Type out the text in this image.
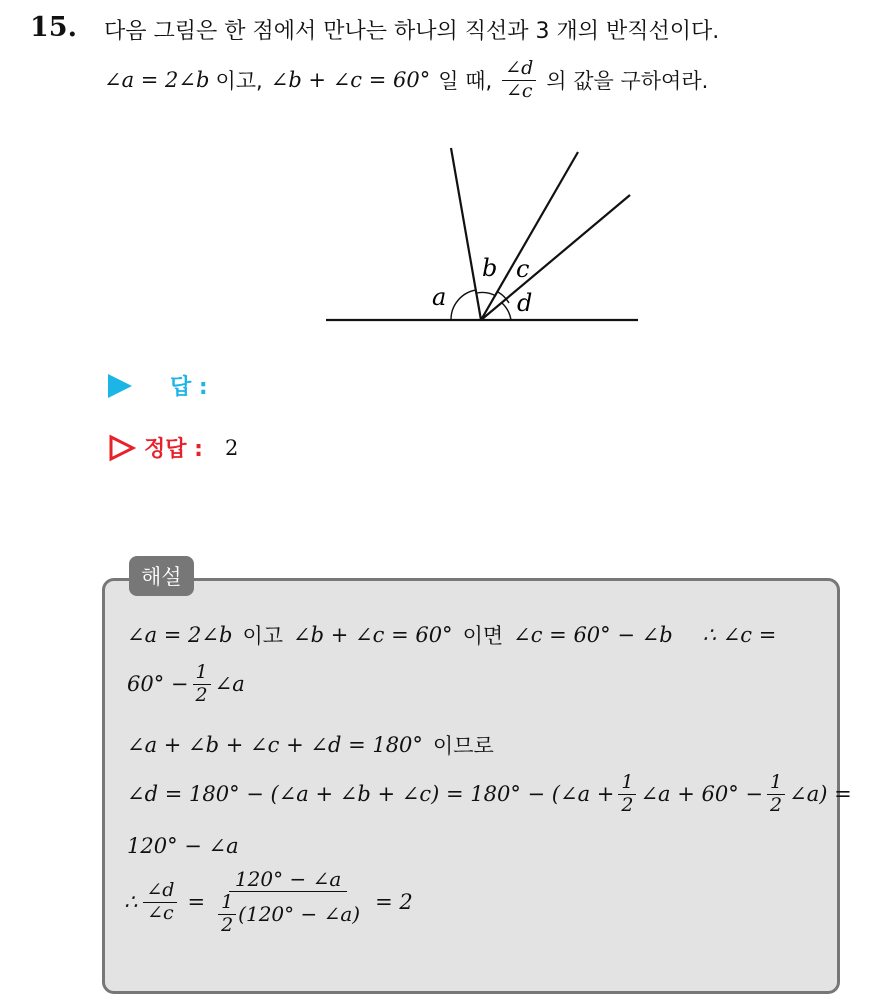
15. 다음 그림은 한 점에서 만나는 하나의 직선과 3 개의 반직선이다.
∠a = 2∠b 이고, ∠b + ∠c = 60° 일 때, $\frac{\angle d}{\angle c}$ 의 값을 구하여라.
a
b c
d
답 :
정답 : 2
해설
∠a = 2∠b 이고 ∠b + ∠c = 60° 이면 ∠c = 60° − ∠b ∴ ∠c =
$60^\circ - \frac{1}{2}$ ∠a
∠a + ∠b + ∠c + ∠d = 180° 이므로
∠d = 180° − (∠a + ∠b + ∠c) = 180° − (∠a + $\frac{1}{2}$ ∠a + $60^\circ - \frac{1}{2}$ ∠a) =
120° − ∠a
∴ $\frac{\angle d}{\angle c} = \frac{120^\circ - \angle a}{\frac{1}{2} (120^\circ - \angle a)} = 2$
